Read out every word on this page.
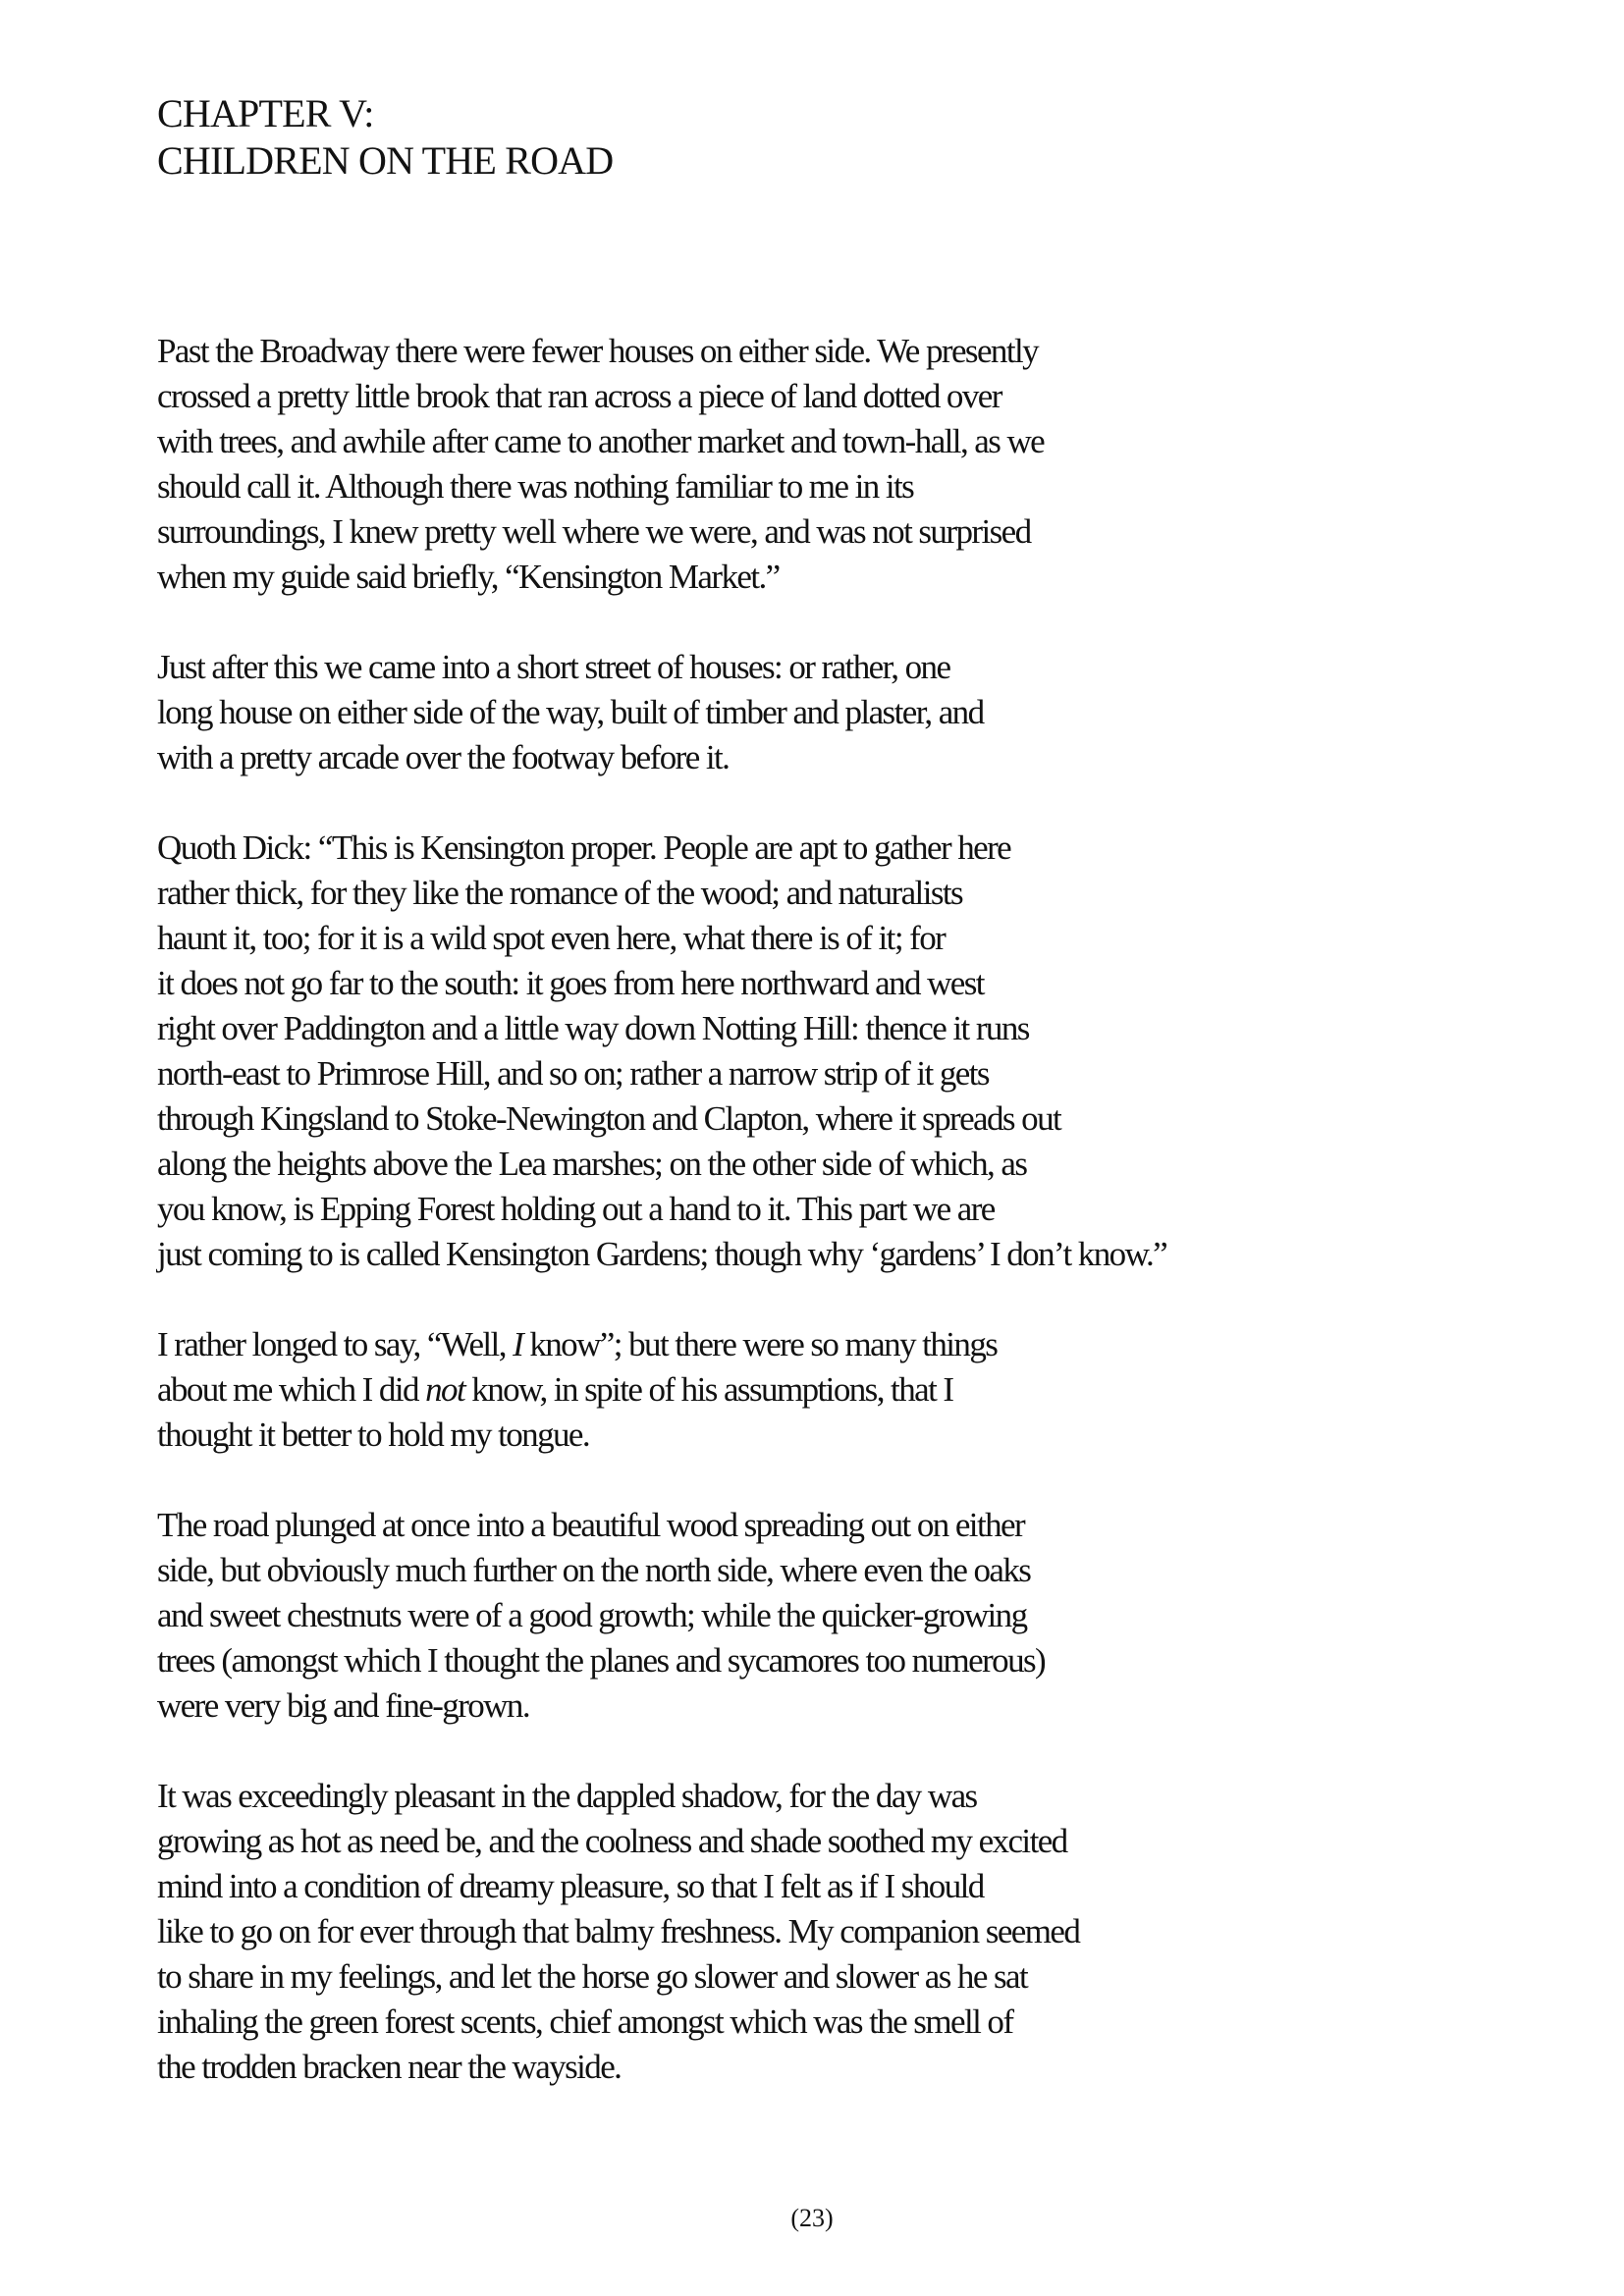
CHAPTER V:
CHILDREN ON THE ROAD
Past the Broadway there were fewer houses on either side. We presently
crossed a pretty little brook that ran across a piece of land dotted over
with trees, and awhile after came to another market and town-hall, as we
should call it. Although there was nothing familiar to me in its
surroundings, I knew pretty well where we were, and was not surprised
when my guide said briefly, “Kensington Market.”
Just after this we came into a short street of houses: or rather, one
long house on either side of the way, built of timber and plaster, and
with a pretty arcade over the footway before it.
Quoth Dick: “This is Kensington proper. People are apt to gather here
rather thick, for they like the romance of the wood; and naturalists
haunt it, too; for it is a wild spot even here, what there is of it; for
it does not go far to the south: it goes from here northward and west
right over Paddington and a little way down Notting Hill: thence it runs
north-east to Primrose Hill, and so on; rather a narrow strip of it gets
through Kingsland to Stoke-Newington and Clapton, where it spreads out
along the heights above the Lea marshes; on the other side of which, as
you know, is Epping Forest holding out a hand to it. This part we are
just coming to is called Kensington Gardens; though why ‘gardens’ I don’t know.”
I rather longed to say, “Well, I know”; but there were so many things
about me which I did not know, in spite of his assumptions, that I
thought it better to hold my tongue.
The road plunged at once into a beautiful wood spreading out on either
side, but obviously much further on the north side, where even the oaks
and sweet chestnuts were of a good growth; while the quicker-growing
trees (amongst which I thought the planes and sycamores too numerous)
were very big and fine-grown.
It was exceedingly pleasant in the dappled shadow, for the day was
growing as hot as need be, and the coolness and shade soothed my excited
mind into a condition of dreamy pleasure, so that I felt as if I should
like to go on for ever through that balmy freshness. My companion seemed
to share in my feelings, and let the horse go slower and slower as he sat
inhaling the green forest scents, chief amongst which was the smell of
the trodden bracken near the wayside.
(23)
